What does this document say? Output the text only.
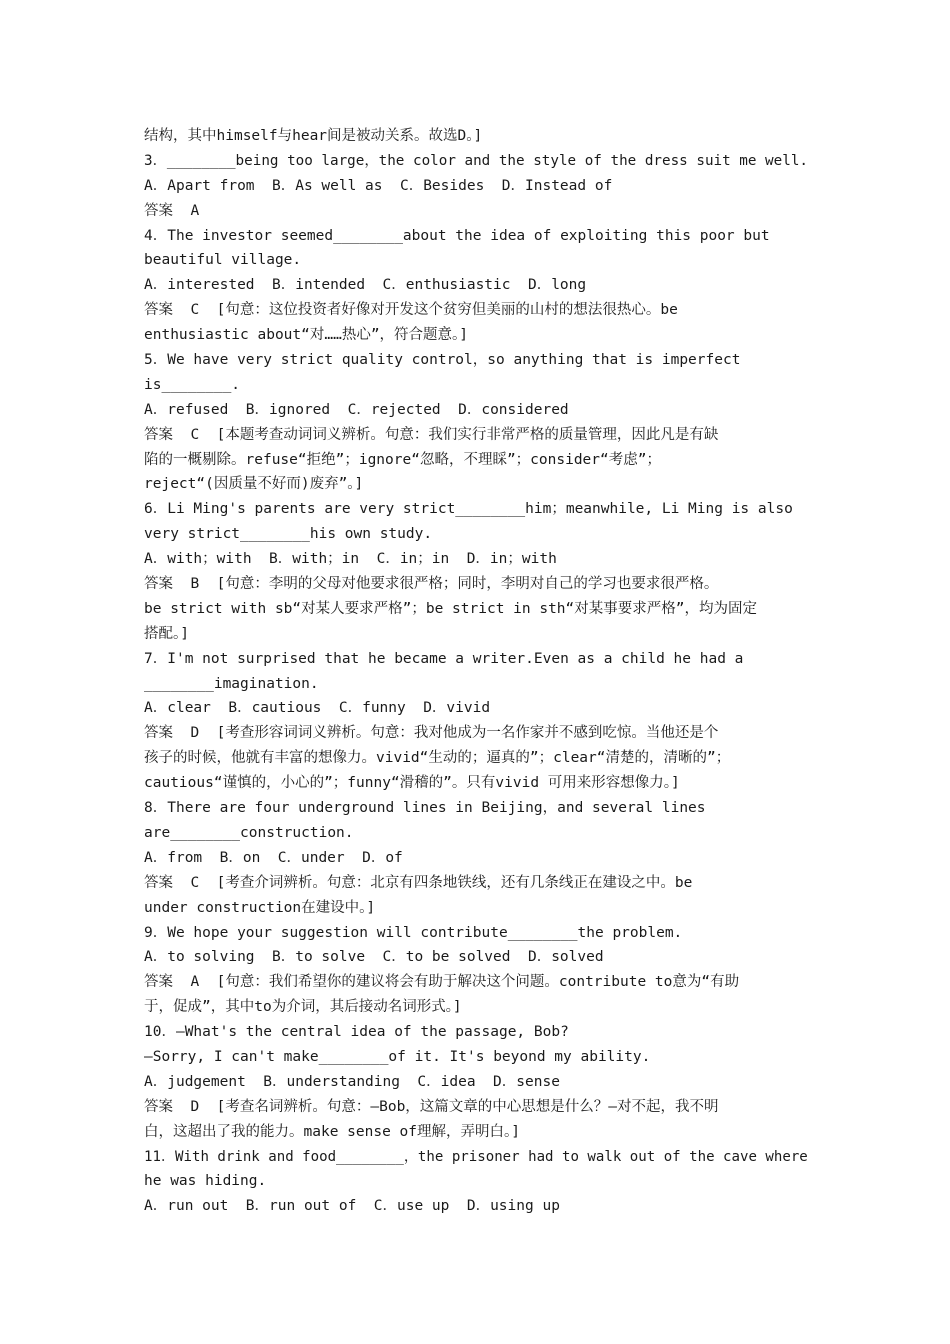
结构，其中himself与hear间是被动关系。故选D。]
3．________being too large，the color and the style of the dress suit me well.
A．Apart from  B．As well as  C．Besides  D．Instead of
答案  A
4．The investor seemed________about the idea of exploiting this poor but
beautiful village.
A．interested  B．intended  C．enthusiastic  D．long
答案  C  [句意：这位投资者好像对开发这个贫穷但美丽的山村的想法很热心。be
enthusiastic about“对……热心”，符合题意。]
5．We have very strict quality control，so anything that is imperfect
is________.
A．refused  B．ignored  C．rejected  D．considered
答案  C  [本题考查动词词义辨析。句意：我们实行非常严格的质量管理，因此凡是有缺
陷的一概剔除。refuse“拒绝”；ignore“忽略，不理睬”；consider“考虑”；
reject“(因质量不好而)废弃”。]
6．Li Ming's parents are very strict________him；meanwhile, Li Ming is also
very strict________his own study.
A．with；with  B．with；in  C．in；in  D．in；with
答案  B  [句意：李明的父母对他要求很严格；同时，李明对自己的学习也要求很严格。
be strict with sb“对某人要求严格”；be strict in sth“对某事要求严格”，均为固定
搭配。]
7．I'm not surprised that he became a writer.Even as a child he had a
________imagination.
A．clear  B．cautious  C．funny  D．vivid
答案  D  [考查形容词词义辨析。句意：我对他成为一名作家并不感到吃惊。当他还是个
孩子的时候，他就有丰富的想像力。vivid“生动的；逼真的”；clear“清楚的，清晰的”；
cautious“谨慎的，小心的”；funny“滑稽的”。只有vivid 可用来形容想像力。]
8．There are four underground lines in Beijing，and several lines
are________construction.
A．from  B．on  C．under  D．of
答案  C  [考查介词辨析。句意：北京有四条地铁线，还有几条线正在建设之中。be
under construction在建设中。]
9．We hope your suggestion will contribute________the problem.
A．to solving  B．to solve  C．to be solved  D．solved
答案  A  [句意：我们希望你的建议将会有助于解决这个问题。contribute to意为“有助
于，促成”，其中to为介词，其后接动名词形式。]
10．—What's the central idea of the passage, Bob?
—Sorry, I can't make________of it. It's beyond my ability.
A．judgement  B．understanding  C．idea  D．sense
答案  D  [考查名词辨析。句意：—Bob，这篇文章的中心思想是什么？—对不起，我不明
白，这超出了我的能力。make sense of理解，弄明白。]
11．With drink and food________，the prisoner had to walk out of the cave where
he was hiding.
A．run out  B．run out of  C．use up  D．using up
